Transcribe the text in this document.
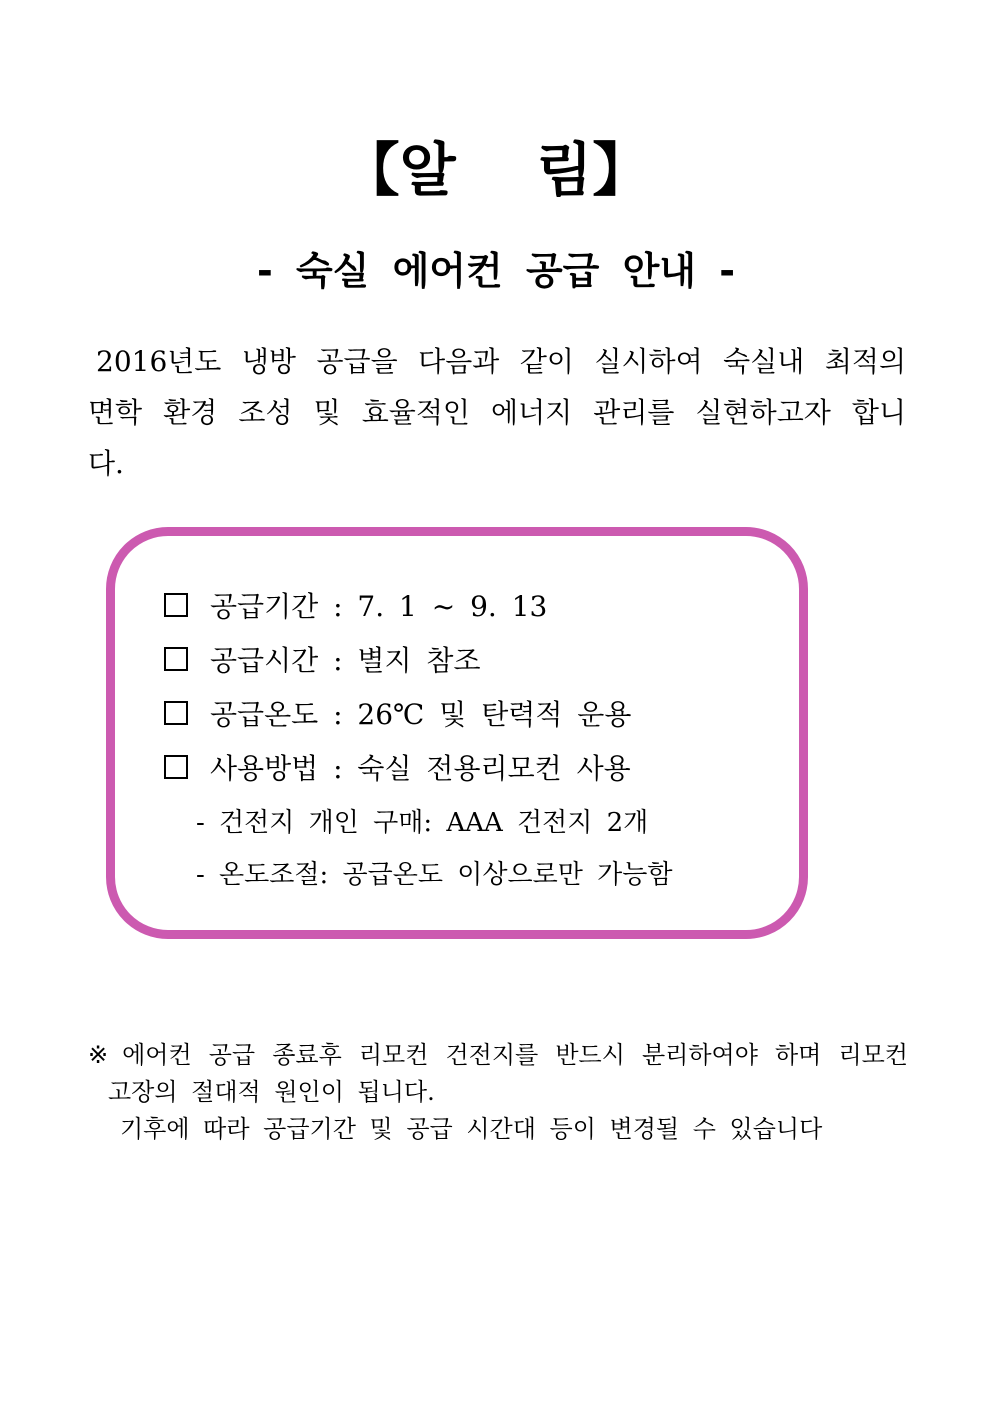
【알    림】
- 숙실 에어컨 공급 안내 -
2016년도 냉방 공급을 다음과 같이 실시하여 숙실내 최적의 면학 환경 조성 및 효율적인 에너지 관리를 실현하고자 합니다.
공급기간 : 7. 1 ~ 9. 13
공급시간 : 별지 참조
공급온도 : 26℃ 및 탄력적 운용
사용방법 : 숙실 전용리모컨 사용
- 건전지 개인 구매: AAA 건전지 2개
- 온도조절: 공급온도 이상으로만 가능함
※ 에어컨 공급 종료후 리모컨 건전지를 반드시 분리하여야 하며 리모컨
고장의 절대적 원인이 됩니다.
기후에 따라 공급기간 및 공급 시간대 등이 변경될 수 있습니다
